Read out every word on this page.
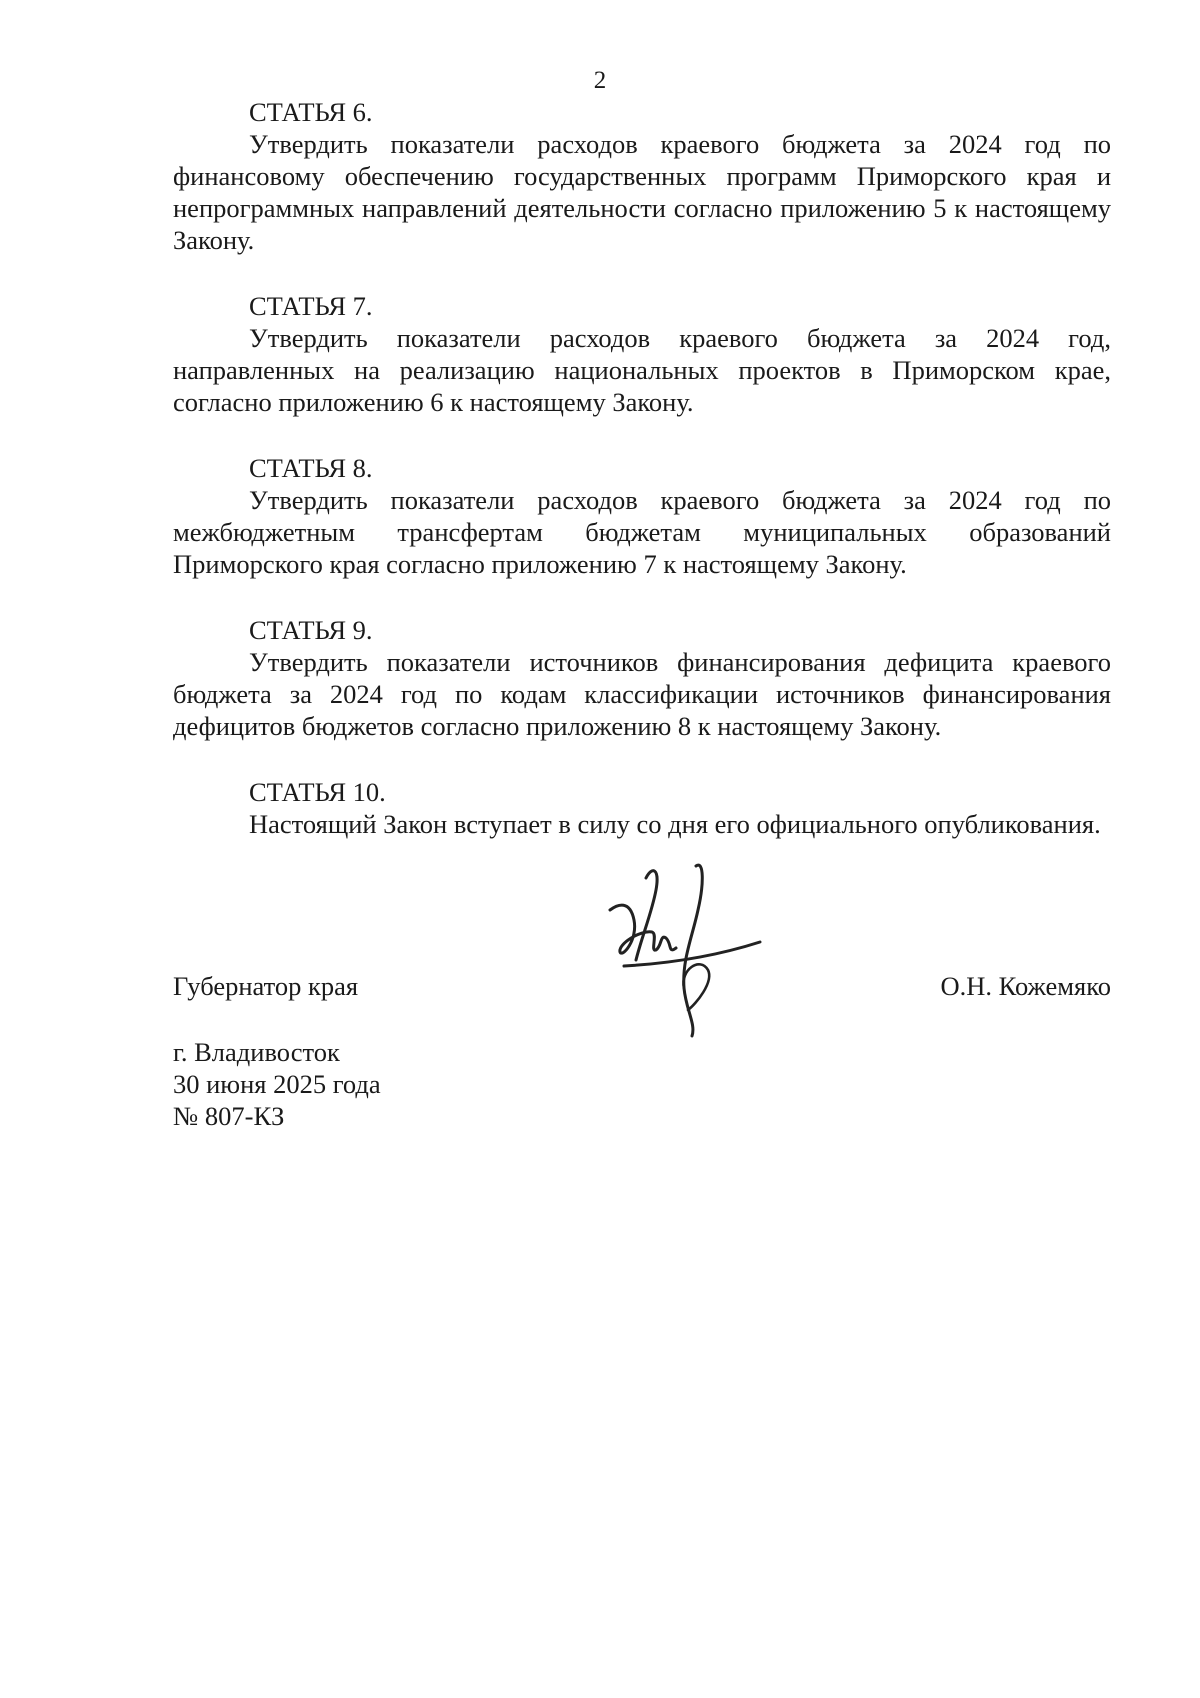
2

СТАТЬЯ 6.

Утвердить показатели расходов краевого бюджета за 2024 год по финансовому обеспечению государственных программ Приморского края и непрограммных направлений деятельности согласно приложению 5 к настоящему Закону.

СТАТЬЯ 7.

Утвердить показатели расходов краевого бюджета за 2024 год, направленных на реализацию национальных проектов в Приморском крае, согласно приложению 6 к настоящему Закону.

СТАТЬЯ 8.

Утвердить показатели расходов краевого бюджета за 2024 год по межбюджетным трансфертам бюджетам муниципальных образований Приморского края согласно приложению 7 к настоящему Закону.

СТАТЬЯ 9.

Утвердить показатели источников финансирования дефицита краевого бюджета за 2024 год по кодам классификации источников финансирования дефицитов бюджетов согласно приложению 8 к настоящему Закону.

СТАТЬЯ 10.

Настоящий Закон вступает в силу со дня его официального опубликования.

Губернатор края	О.Н. Кожемяко
г. Владивосток
30 июня 2025 года
№ 807-КЗ
